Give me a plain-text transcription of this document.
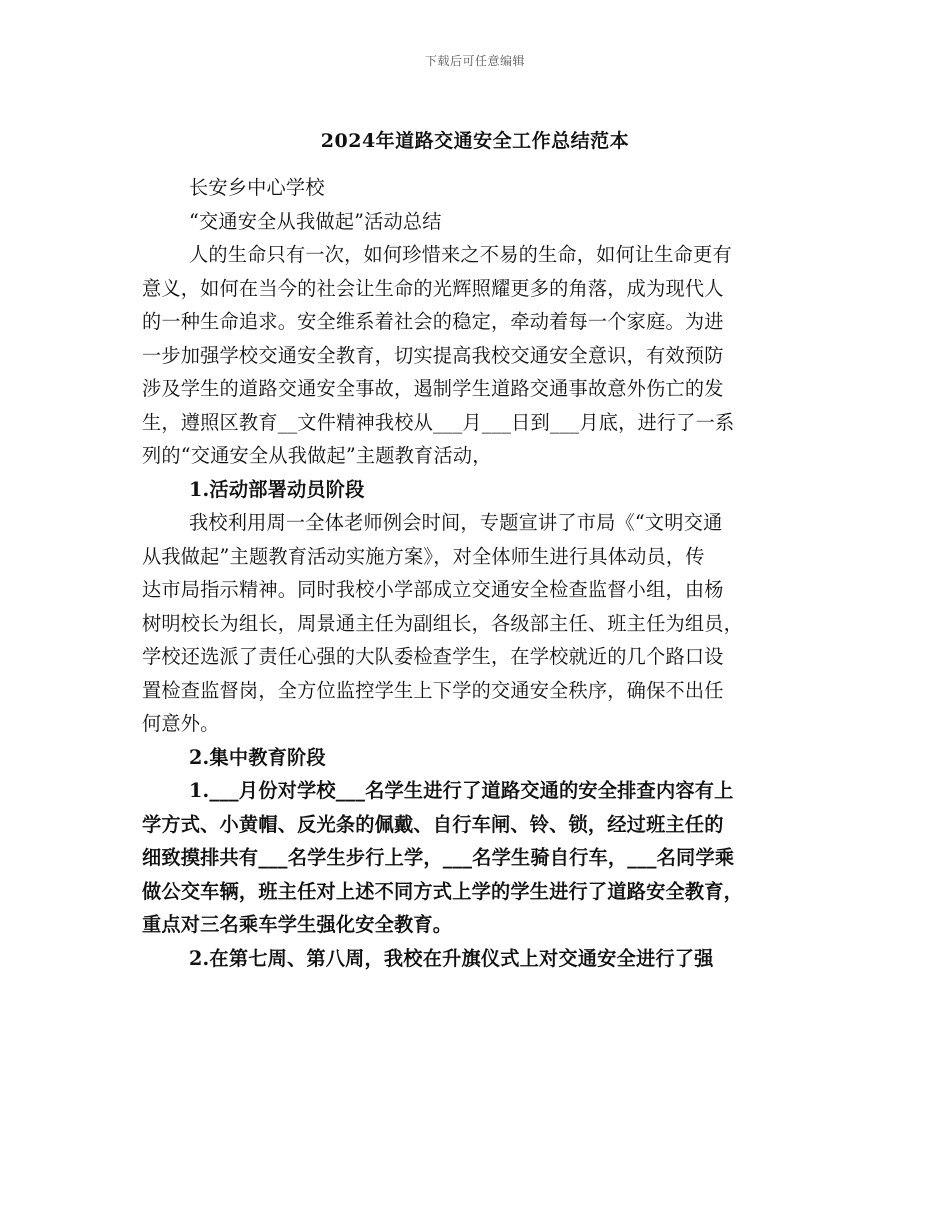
下载后可任意编辑
2024年道路交通安全工作总结范本

长安乡中心学校

“交通安全从我做起”活动总结

人的生命只有一次，如何珍惜来之不易的生命，如何让生命更有
意义，如何在当今的社会让生命的光辉照耀更多的角落，成为现代人
的一种生命追求。安全维系着社会的稳定，牵动着每一个家庭。为进
一步加强学校交通安全教育，切实提高我校交通安全意识，有效预防
涉及学生的道路交通安全事故，遏制学生道路交通事故意外伤亡的发
生，遵照区教育__文件精神我校从___月___日到___月底，进行了一系
列的“交通安全从我做起”主题教育活动，

1.活动部署动员阶段

我校利用周一全体老师例会时间，专题宣讲了市局《“文明交通
从我做起”主题教育活动实施方案》，对全体师生进行具体动员，传
达市局指示精神。同时我校小学部成立交通安全检查监督小组，由杨
树明校长为组长，周景通主任为副组长，各级部主任、班主任为组员，
学校还选派了责任心强的大队委检查学生，在学校就近的几个路口设
置检查监督岗，全方位监控学生上下学的交通安全秩序，确保不出任
何意外。

2.集中教育阶段

1.___月份对学校___名学生进行了道路交通的安全排查内容有上
学方式、小黄帽、反光条的佩戴、自行车闸、铃、锁，经过班主任的
细致摸排共有___名学生步行上学，___名学生骑自行车，___名同学乘
做公交车辆，班主任对上述不同方式上学的学生进行了道路安全教育，
重点对三名乘车学生强化安全教育。

2.在第七周、第八周，我校在升旗仪式上对交通安全进行了强
